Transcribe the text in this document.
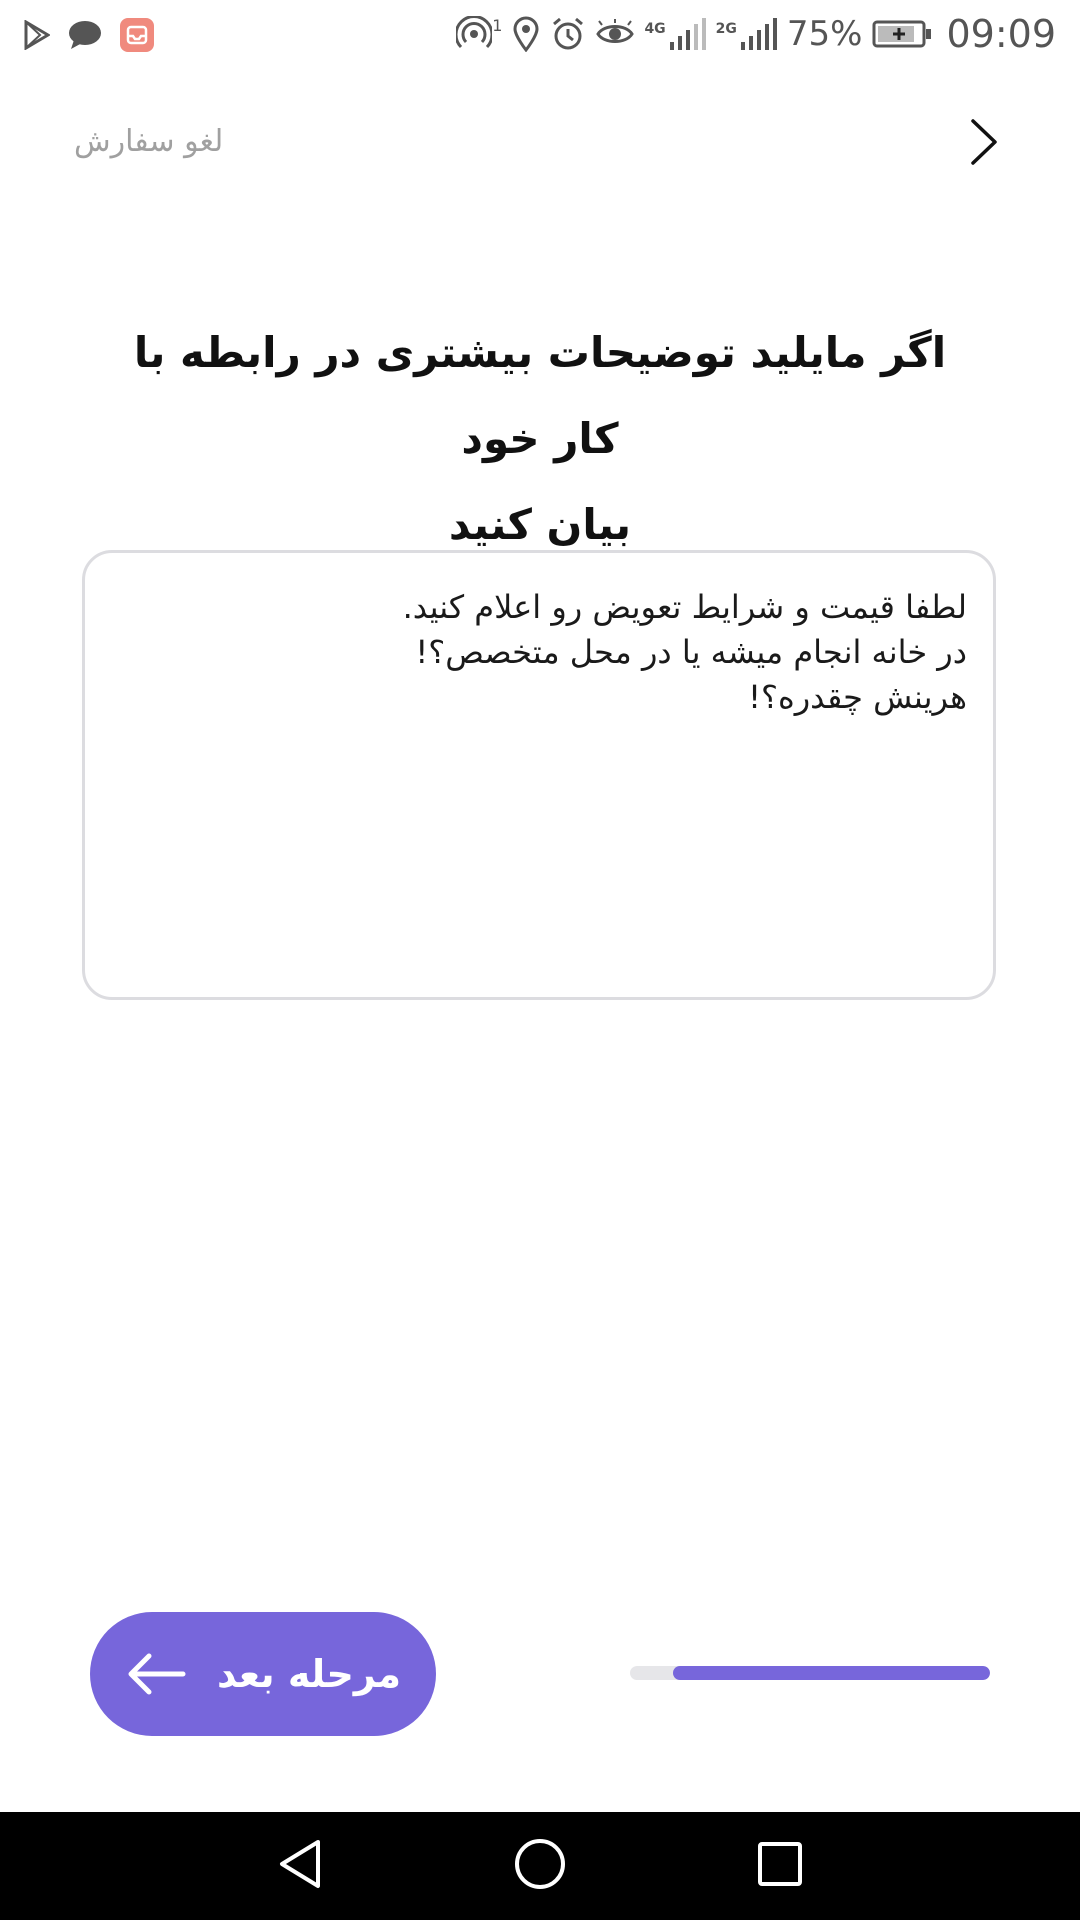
1	4G	2G 75% 09:09
لغو سفارش
اگر مایلید توضیحات بیشتری در رابطه با کار خود
بیان کنید
لطفا قیمت و شرایط تعویض رو اعلام کنید.
در خانه انجام میشه یا در محل متخصص؟!
هرینش چقدره؟!
مرحله بعد
